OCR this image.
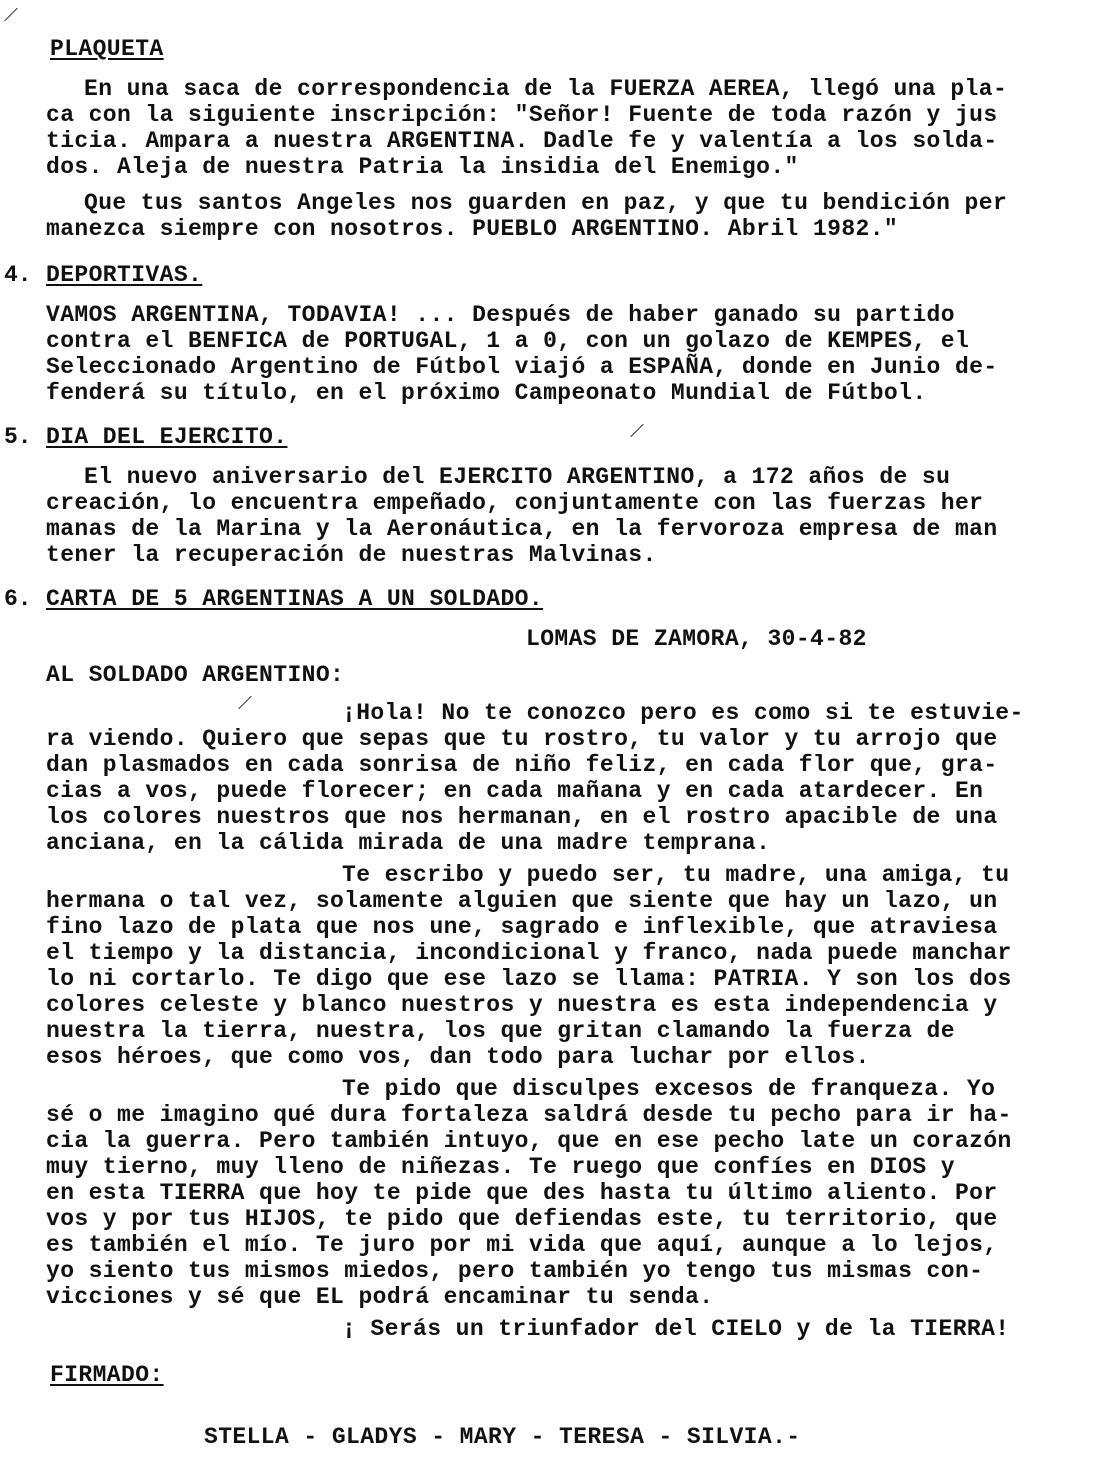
PLAQUETA
En una saca de correspondencia de la FUERZA AEREA, llegó una pla-
ca con la siguiente inscripción: "Señor! Fuente de toda razón y jus
ticia. Ampara a nuestra ARGENTINA. Dadle fe y valentía a los solda-
dos. Aleja de nuestra Patria la insidia del Enemigo."
Que tus santos Angeles nos guarden en paz, y que tu bendición per
manezca siempre con nosotros. PUEBLO ARGENTINO. Abril 1982."
4. DEPORTIVAS.
VAMOS ARGENTINA, TODAVIA! ... Después de haber ganado su partido
contra el BENFICA de PORTUGAL, 1 a 0, con un golazo de KEMPES, el
Seleccionado Argentino de Fútbol viajó a ESPAÑA, donde en Junio de-
fenderá su título, en el próximo Campeonato Mundial de Fútbol.
5. DIA DEL EJERCITO.
El nuevo aniversario del EJERCITO ARGENTINO, a 172 años de su
creación, lo encuentra empeñado, conjuntamente con las fuerzas her
manas de la Marina y la Aeronáutica, en la fervoroza empresa de man
tener la recuperación de nuestras Malvinas.
6. CARTA DE 5 ARGENTINAS A UN SOLDADO.
LOMAS DE ZAMORA, 30-4-82
AL SOLDADO ARGENTINO:
¡Hola! No te conozco pero es como si te estuvie-
ra viendo. Quiero que sepas que tu rostro, tu valor y tu arrojo que
dan plasmados en cada sonrisa de niño feliz, en cada flor que, gra-
cias a vos, puede florecer; en cada mañana y en cada atardecer. En
los colores nuestros que nos hermanan, en el rostro apacible de una
anciana, en la cálida mirada de una madre temprana.
Te escribo y puedo ser, tu madre, una amiga, tu
hermana o tal vez, solamente alguien que siente que hay un lazo, un
fino lazo de plata que nos une, sagrado e inflexible, que atraviesa
el tiempo y la distancia, incondicional y franco, nada puede manchar
lo ni cortarlo. Te digo que ese lazo se llama: PATRIA. Y son los dos
colores celeste y blanco nuestros y nuestra es esta independencia y
nuestra la tierra, nuestra, los que gritan clamando la fuerza de
esos héroes, que como vos, dan todo para luchar por ellos.
Te pido que disculpes excesos de franqueza. Yo
sé o me imagino qué dura fortaleza saldrá desde tu pecho para ir ha-
cia la guerra. Pero también intuyo, que en ese pecho late un corazón
muy tierno, muy lleno de niñezas. Te ruego que confíes en DIOS y
en esta TIERRA que hoy te pide que des hasta tu último aliento. Por
vos y por tus HIJOS, te pido que defiendas este, tu territorio, que
es también el mío. Te juro por mi vida que aquí, aunque a lo lejos,
yo siento tus mismos miedos, pero también yo tengo tus mismas con-
vicciones y sé que EL podrá encaminar tu senda.
¡ Serás un triunfador del CIELO y de la TIERRA!
FIRMADO:
STELLA - GLADYS - MARY - TERESA - SILVIA.-
